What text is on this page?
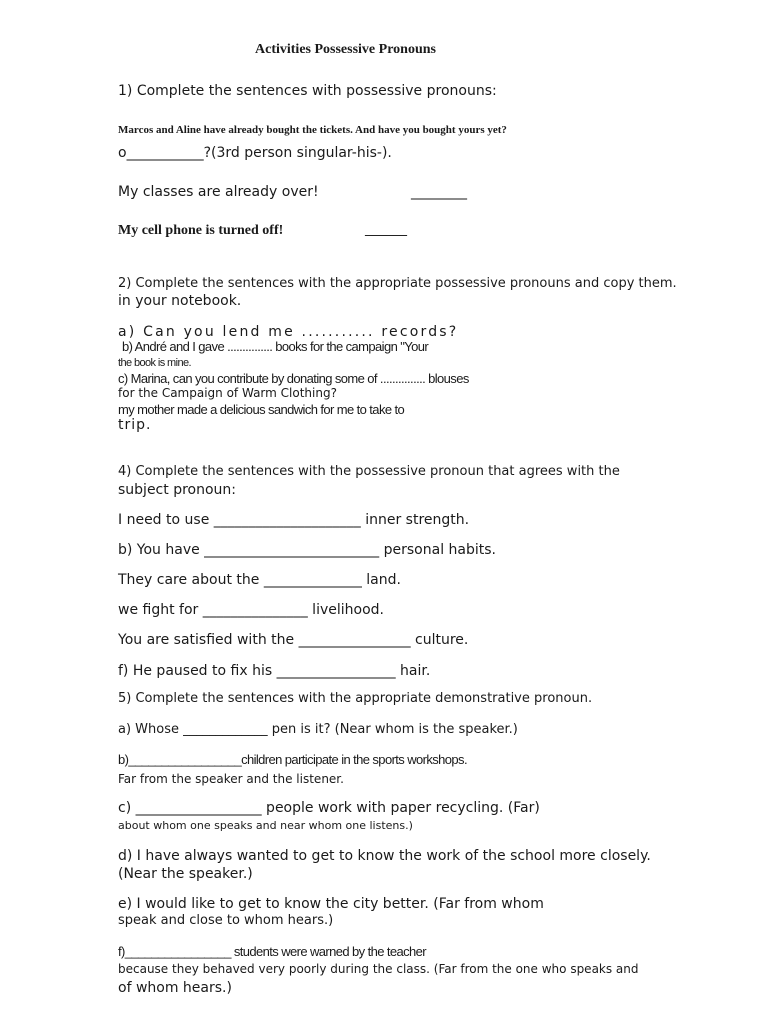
Activities Possessive Pronouns
1) Complete the sentences with possessive pronouns:
Marcos and Aline have already bought the tickets. And have you bought yours yet?
o___________?(3rd person singular-his-).
My classes are already over!	________
My cell phone is turned off!	______
2) Complete the sentences with the appropriate possessive pronouns and copy them.
in your notebook.
a) Can you lend me ........... records?
b) André and I gave ............... books for the campaign "Your
the book is mine.
c) Marina, can you contribute by donating some of ............... blouses
for the Campaign of Warm Clothing?
my mother made a delicious sandwich for me to take to
trip.
4) Complete the sentences with the possessive pronoun that agrees with the
subject pronoun:
I need to use _____________________ inner strength.
b) You have _________________________ personal habits.
They care about the ______________ land.
we fight for _______________ livelihood.
You are satisfied with the ________________ culture.
f) He paused to fix his _________________ hair.
5) Complete the sentences with the appropriate demonstrative pronoun.
a) Whose _____________ pen is it? (Near whom is the speaker.)
b)_________________children participate in the sports workshops.
Far from the speaker and the listener.
c) __________________ people work with paper recycling. (Far)
about whom one speaks and near whom one listens.)
d) I have always wanted to get to know the work of the school more closely.
(Near the speaker.)
e) I would like to get to know the city better. (Far from whom
speak and close to whom hears.)
f)________________ students were warned by the teacher
because they behaved very poorly during the class. (Far from the one who speaks and
of whom hears.)
